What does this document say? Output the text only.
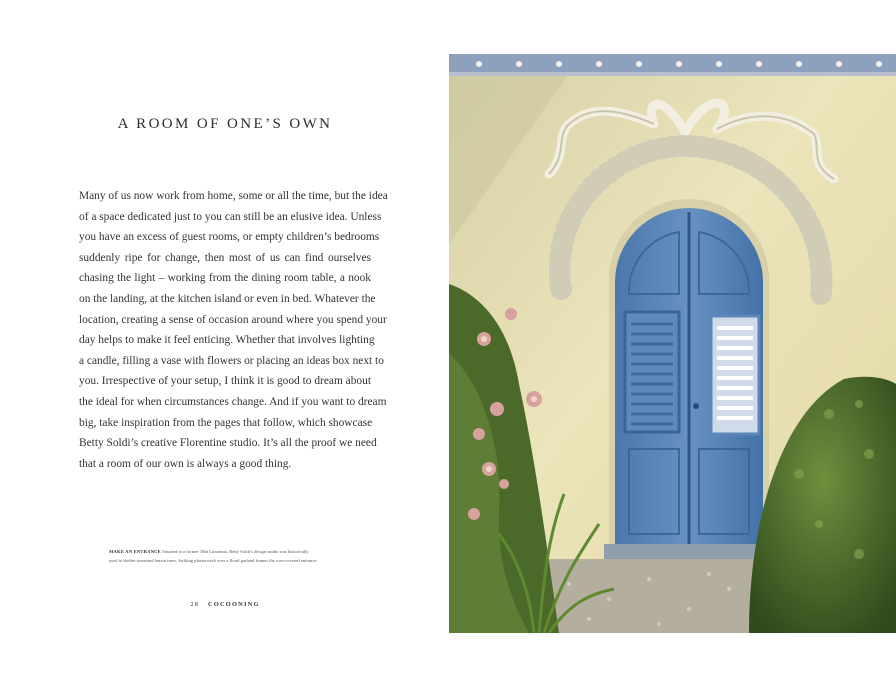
A ROOM OF ONE’S OWN

Many of us now work from home, some or all the time, but the idea
of a space dedicated just to you can still be an elusive idea. Unless
you have an excess of guest rooms, or empty children’s bedrooms
suddenly ripe for change, then most of us can find ourselves
chasing the light – working from the dining room table, a nook
on the landing, at the kitchen island or even in bed. Whatever the
location, creating a sense of occasion around where you spend your
day helps to make it feel enticing. Whether that involves lighting
a candle, filling a vase with flowers or placing an ideas box next to
you. Irrespective of your setup, I think it is good to dream about
the ideal for when circumstances change. And if you want to dream
big, take inspiration from the pages that follow, which showcase
Betty Soldi’s creative Florentine studio. It’s all the proof we need
that a room of our own is always a good thing.

MAKE AN ENTRANCE Situated in a former 18th Limonaia, Betty Soldi’s design studio was historically
used to shelter treasured lemon trees. Striking plasterwork over a floral garland frames the rose-covered entrance.

28 COCOONING
